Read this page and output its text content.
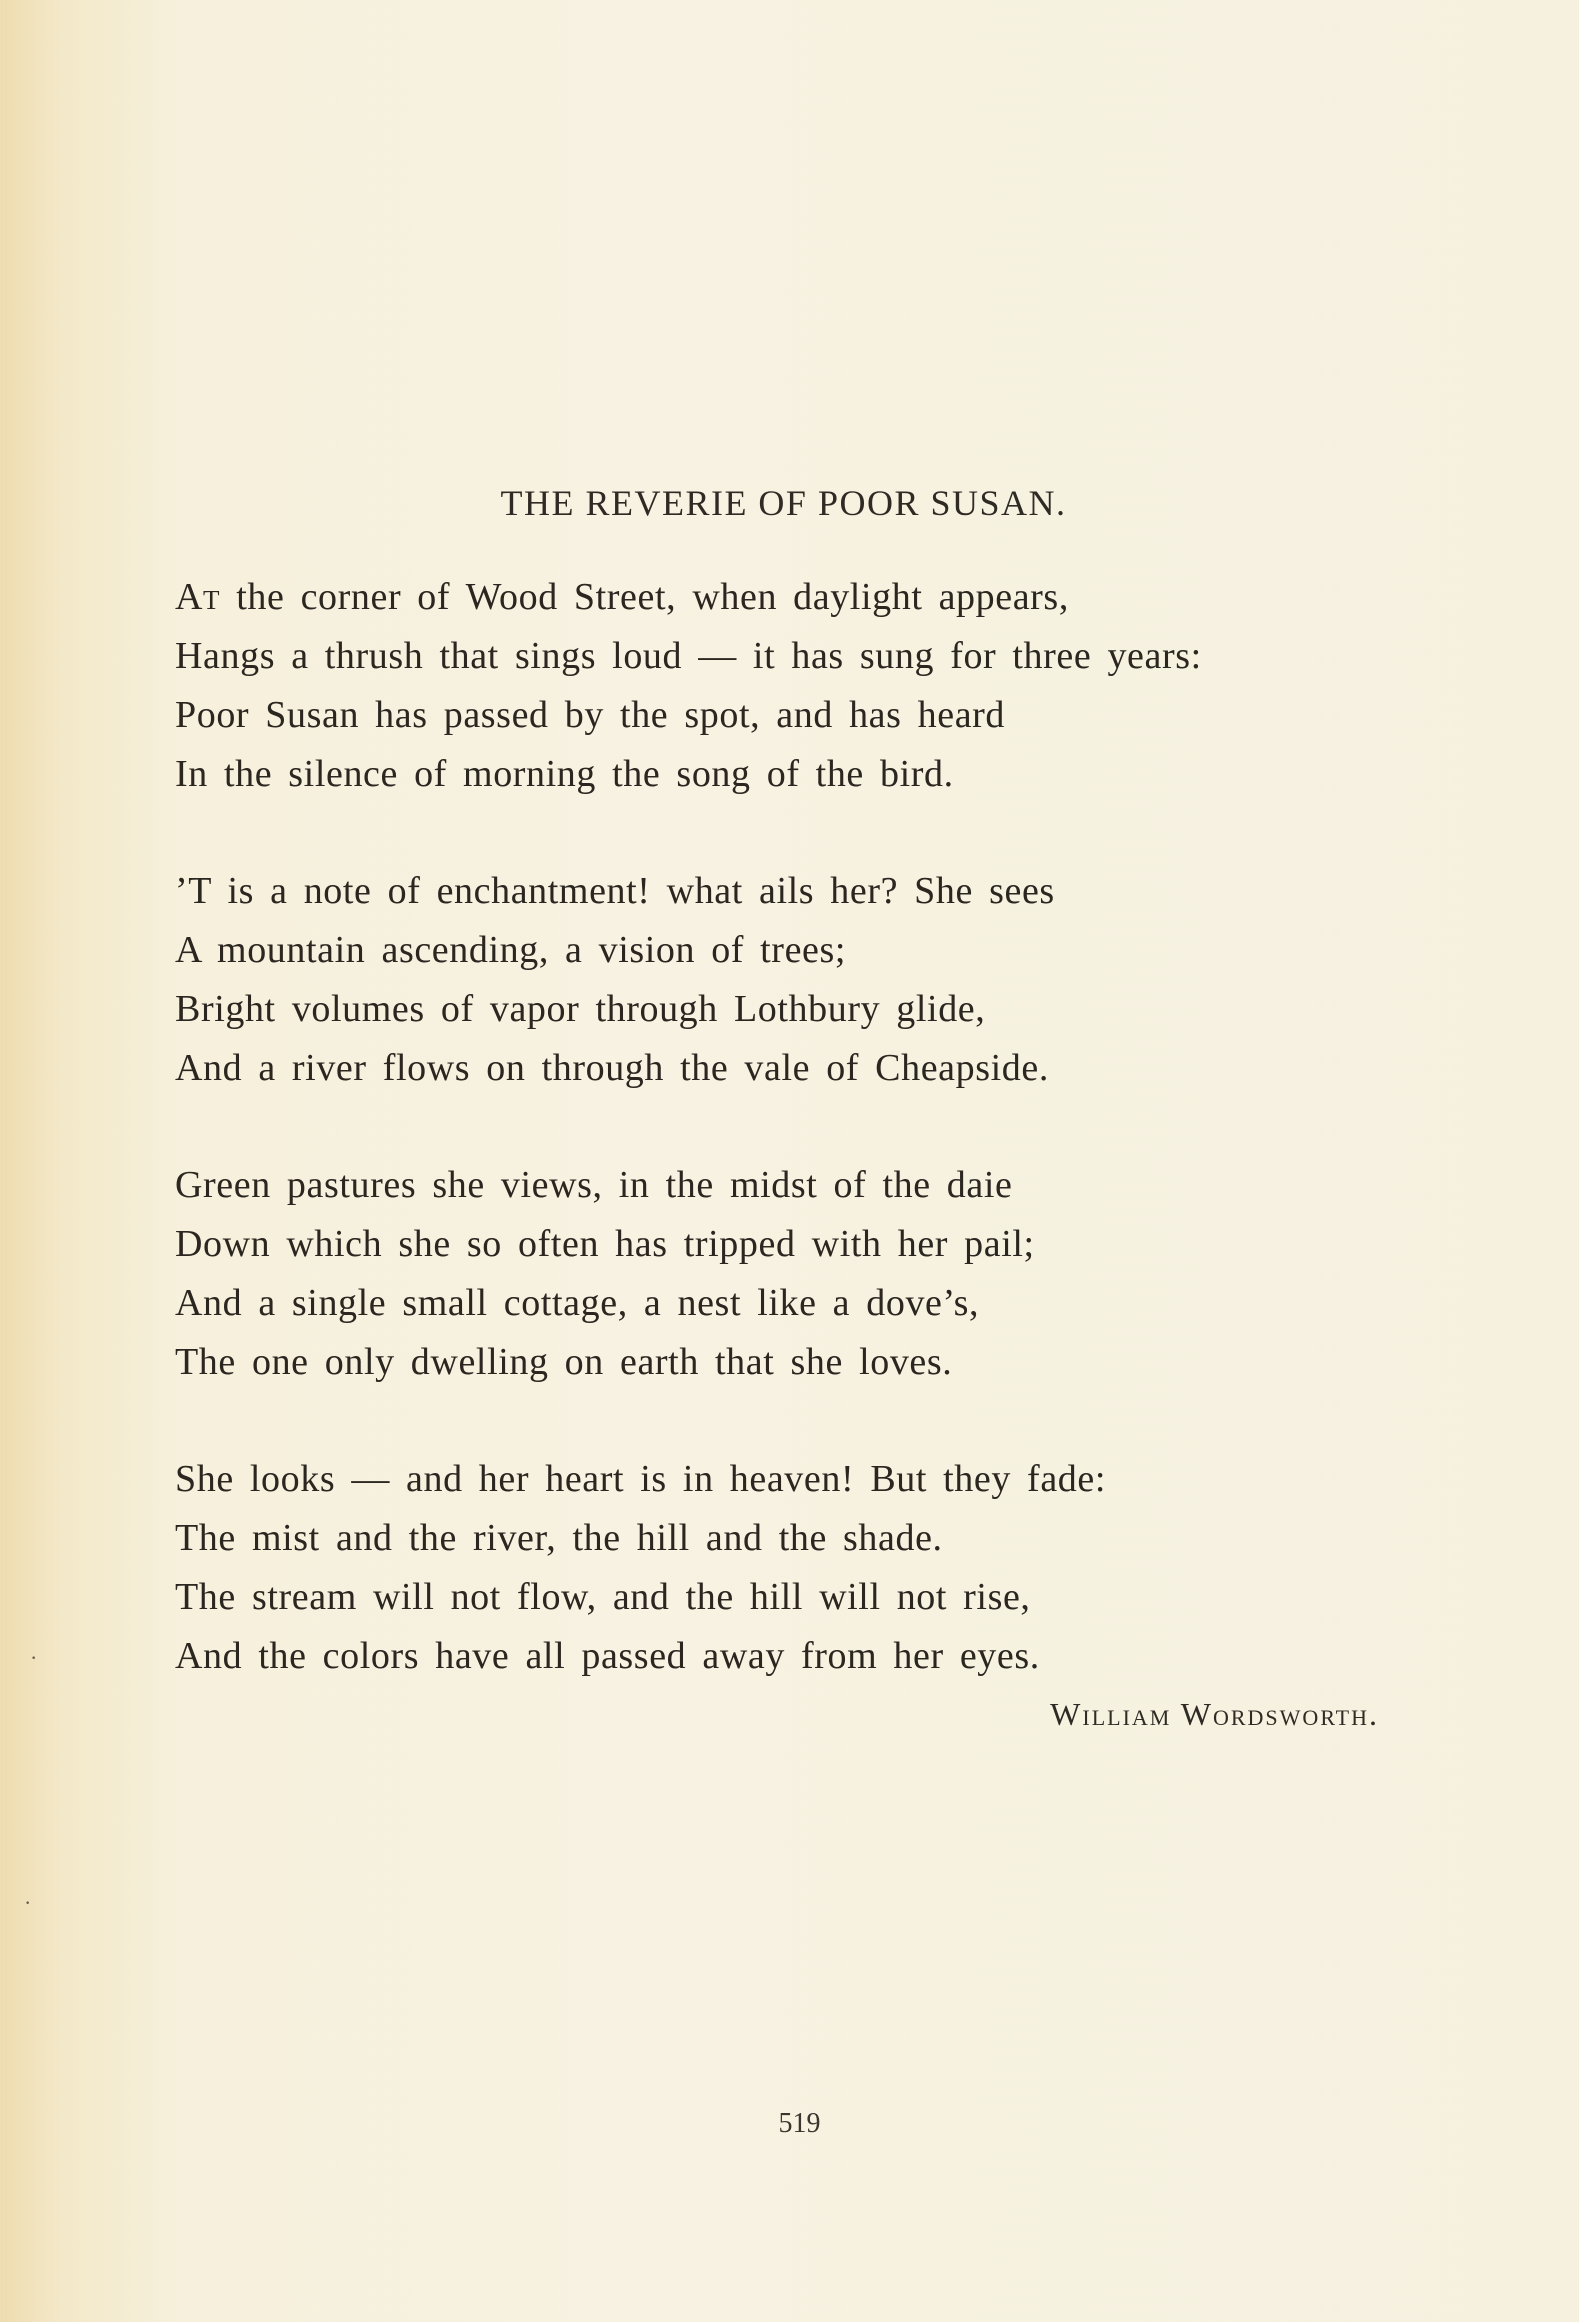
THE REVERIE OF POOR SUSAN.
At the corner of Wood Street, when daylight appears,
Hangs a thrush that sings loud — it has sung for three years:
Poor Susan has passed by the spot, and has heard
In the silence of morning the song of the bird.
’T is a note of enchantment! what ails her? She sees
A mountain ascending, a vision of trees;
Bright volumes of vapor through Lothbury glide,
And a river flows on through the vale of Cheapside.
Green pastures she views, in the midst of the daie
Down which she so often has tripped with her pail;
And a single small cottage, a nest like a dove’s,
The one only dwelling on earth that she loves.
She looks — and her heart is in heaven! But they fade:
The mist and the river, the hill and the shade.
The stream will not flow, and the hill will not rise,
And the colors have all passed away from her eyes.
William Wordsworth.
519
·
·
